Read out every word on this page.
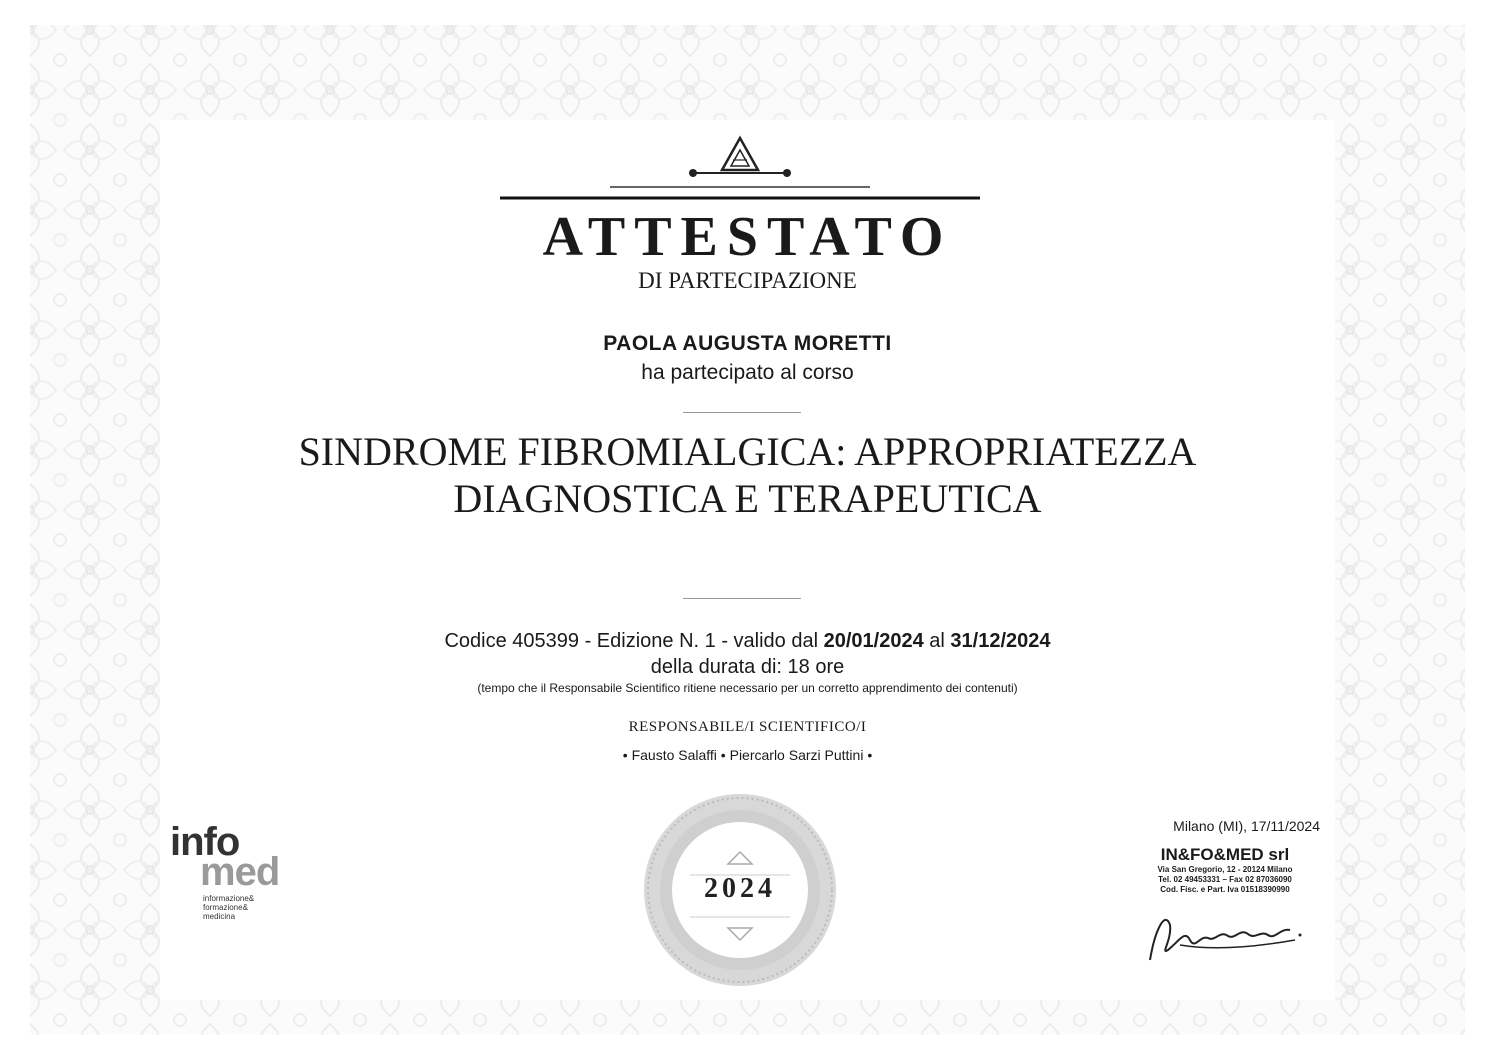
ATTESTATO
DI PARTECIPAZIONE
PAOLA AUGUSTA MORETTI
ha partecipato al corso
SINDROME FIBROMIALGICA: APPROPRIATEZZA
DIAGNOSTICA E TERAPEUTICA
Codice 405399 - Edizione N. 1 - valido dal 20/01/2024 al 31/12/2024
della durata di: 18 ore
(tempo che il Responsabile Scientifico ritiene necessario per un corretto apprendimento dei contenuti)
RESPONSABILE/I SCIENTIFICO/I
• Fausto Salaffi • Piercarlo Sarzi Puttini •
info
med
informazione&
formazione&
medicina
2024
Milano (MI), 17/11/2024
IN&FO&MED srl
Via San Gregorio, 12 - 20124 Milano
Tel. 02 49453331 – Fax 02 87036090
Cod. Fisc. e Part. Iva 01518390990
